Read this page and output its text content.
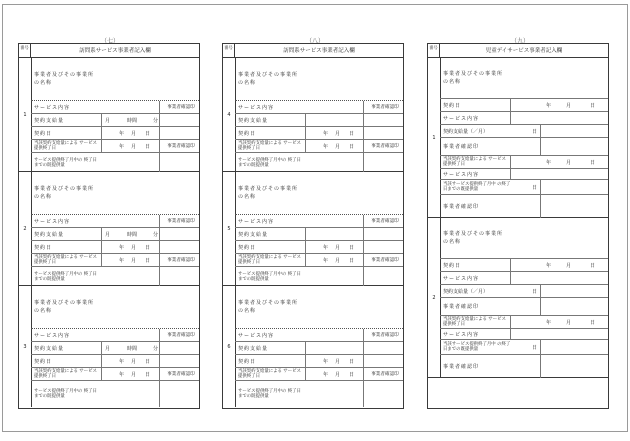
（七）	（八）	（九）
番号
訪問系サービス事業者記入欄
1
事業者及びその事業所の名称
サービス内容	事業者確認印
契約支給量	月	時間	分
契約日	年 月 日
当該契約支給量による サービス提供終了日	年 月 日	事業者確認印
サービス提供終了月中の 終了日までの既提供量
2
事業者及びその事業所の名称
サービス内容	事業者確認印
契約支給量	月	時間	分
契約日	年 月 日
当該契約支給量による サービス提供終了日	年 月 日	事業者確認印
サービス提供終了月中の 終了日までの既提供量
3
事業者及びその事業所の名称
サービス内容	事業者確認印
契約支給量	月	時間	分
契約日	年 月 日
当該契約支給量による サービス提供終了日	年 月 日	事業者確認印
サービス提供終了月中の 終了日までの既提供量
番号
訪問系サービス事業者記入欄
4
事業者及びその事業所の名称
サービス内容	事業者確認印
契約支給量
契約日	年 月 日
当該契約支給量による サービス提供終了日	年 月 日	事業者確認印
サービス提供終了月中の 終了日までの既提供量
5
事業者及びその事業所の名称
サービス内容	事業者確認印
契約支給量
契約日	年 月 日
当該契約支給量による サービス提供終了日	年 月 日	事業者確認印
サービス提供終了月中の 終了日までの既提供量
6
事業者及びその事業所の名称
サービス内容	事業者確認印
契約支給量
契約日	年 月 日
当該契約支給量による サービス提供終了日	年 月 日	事業者確認印
サービス提供終了月中の 終了日までの既提供量
番号
児童デイサービス事業者記入欄
1
事業者及びその事業所の名称
契約日	年	月	日
サービス内容
契約支給量（／月）	日
事業者確認印
当該契約支給量による サービス提供終了日	年	月	日
サービス内容
当該サービス提供終了月中 の終了日までの既提供量	日
事業者確認印
2
事業者及びその事業所の名称
契約日	年	月	日
サービス内容
契約支給量（／月）	日
事業者確認印
当該契約支給量による サービス提供終了日	年	月	日
サービス内容
当該サービス提供終了月中 の終了日までの既提供量	日
事業者確認印
